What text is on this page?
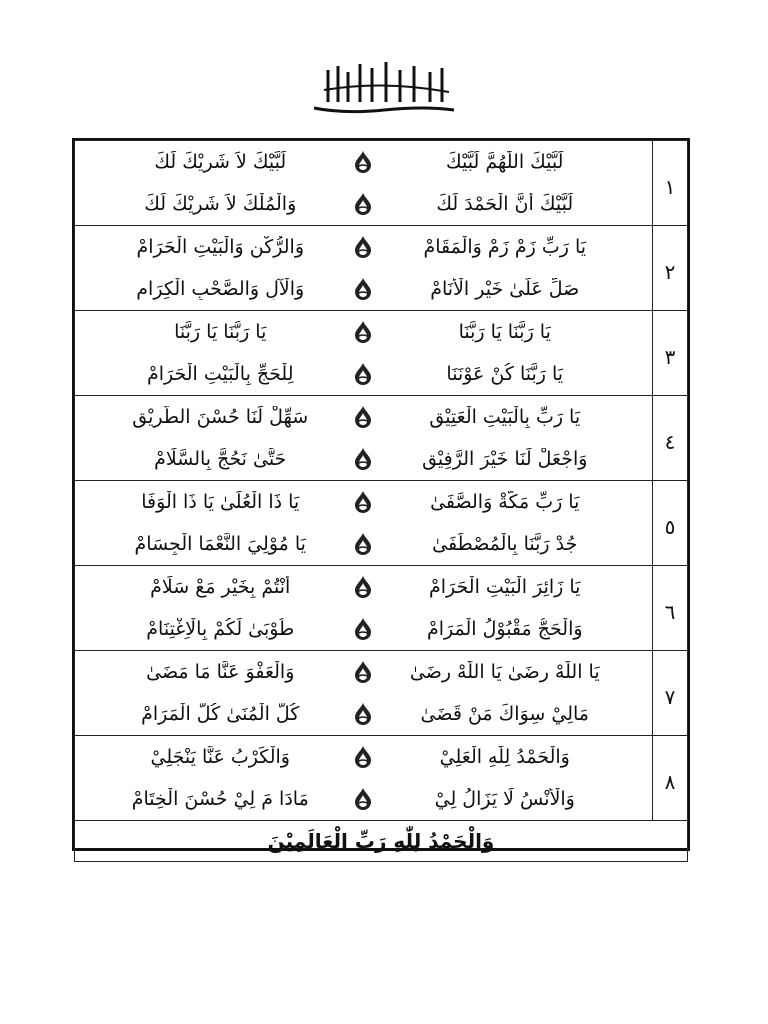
١	لَبَّيْكَ اللّٰهُمَّ لَبَّيْكَ
لَبَّيْكَ لاَ شَرِيْكَ لَكَ
لَبَّيْكَ أَنَّ الْحَمْدَ لَكَ
وَالْمُلْكَ لاَ شَرِيْكَ لَكَ

٢	يَا رَبِّ زَمْ زَمْ وَالْمَقَامْ
وَالرُّكْنِ وَالْبَيْتِ الْحَرَامْ
صَلِّ عَلَىٰ خَيْرِ الْأَنَامْ
وَالْآلِ وَالصَّحْبِ الْكِرَامِ

٣	يَا رَبَّنَا يَا رَبَّنَا
يَا رَبَّنَا يَا رَبَّنَا
يَا رَبَّنَا كُنْ عَوْنَنَا
لِلْحَجِّ بِالْبَيْتِ الْحَرَامْ

٤	يَا رَبِّ بِالْبَيْتِ الْعَتِيْقِ
سَهِّلْ لَنَا حُسْنَ الطَّرِيْقِ
وَاجْعَلْ لَنَا خَيْرَ الرَّفِيْقِ
حَتَّىٰ نَحُجَّ بِالسَّلَامْ

٥	يَا رَبِّ مَكَّةْ وَالصَّفَىٰ
يَا ذَا الْعُلَىٰ يَا ذَا الْوَفَا
جُدْ رَبَّنَا بِالْمُصْطَفَىٰ
يَا مُوْلِيَ النَّعْمَا الْجِسَامْ

٦	يَا زَائِرَ الْبَيْتِ الْحَرَامْ
أَنْتُمْ بِخَيْرٍ مَعْ سَلَامْ
وَالْحَجُّ مَقْبُوْلُ الْمَرَامْ
طُوْبَىٰ لَكُمْ بِالْاِغْتِنَامْ

٧	يَا اللّٰهْ رِضَىٰ يَا اللّٰهْ رِضَىٰ
وَالْعَفْوَ عَنَّا مَا مَضَىٰ
مَالِيْ سِوَاكَ مَنْ قَضَىٰ
كُلَّ الْمُنَىٰ كُلَّ الْمَرَامْ

٨	وَالْحَمْدُ لِلّٰهِ الْعَلِيْ
وَالْكَرْبُ عَنَّا يَنْجَلِيْ
وَالْأُنْسُ لَا يَزَالُ لِيْ
مَادَا مَ لِيْ حُسْنَ الْخِتَامْ

وَالْحَمْدُ لِلّٰهِ رَبِّ الْعَالَمِيْنَ	
